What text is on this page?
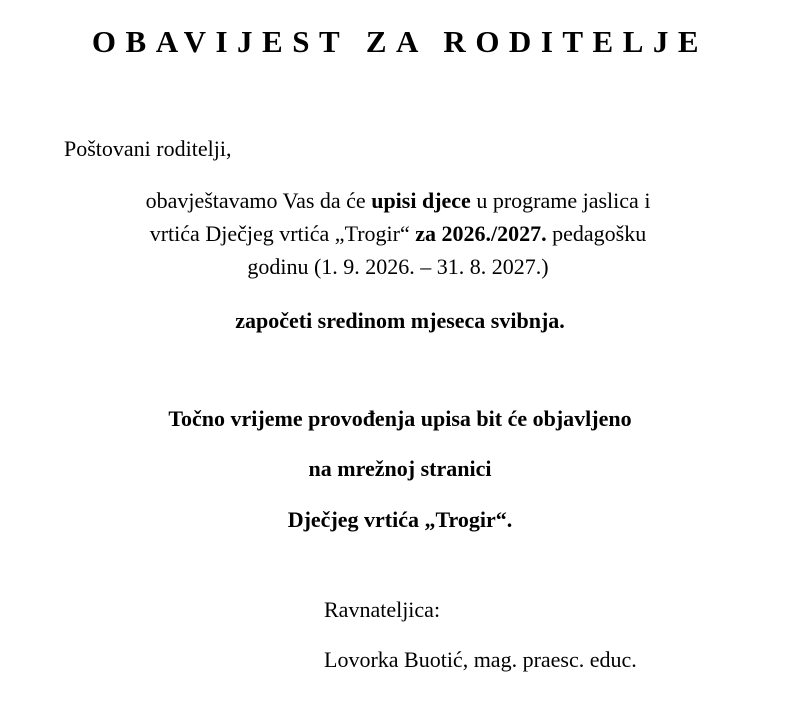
OBAVIJEST ZA RODITELJE
Poštovani roditelji,
obavještavamo Vas da će upisi djece u programe jaslica i
vrtića Dječjeg vrtića „Trogir“ za 2026./2027. pedagošku
godinu (1. 9. 2026. – 31. 8. 2027.)
započeti sredinom mjeseca svibnja.
Točno vrijeme provođenja upisa bit će objavljeno
na mrežnoj stranici
Dječjeg vrtića „Trogir“.
Ravnateljica:
Lovorka Buotić, mag. praesc. educ.
